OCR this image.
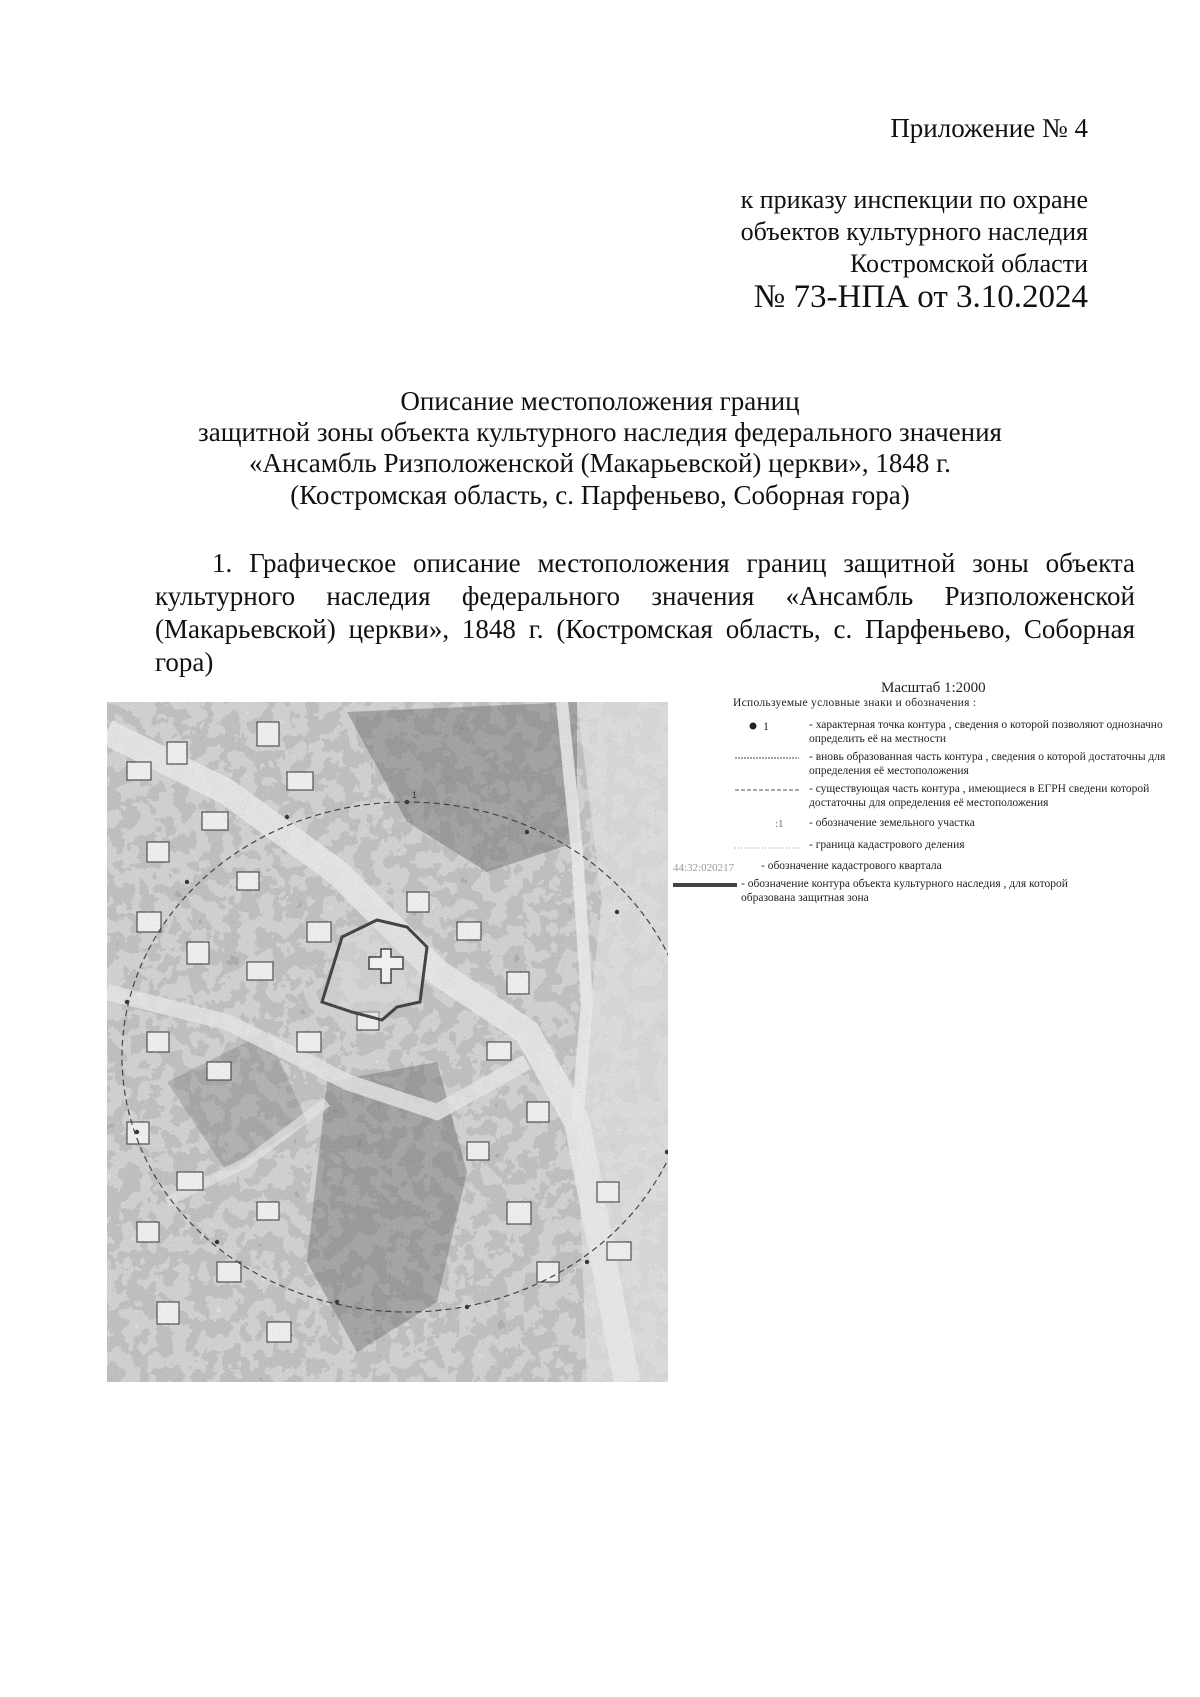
Приложение № 4
к приказу инспекции по охране
объектов культурного наследия
Костромской области
№ 73-НПА от 3.10.2024
Описание местоположения границ
защитной зоны объекта культурного наследия федерального значения
«Ансамбль Ризположенской (Макарьевской) церкви», 1848 г.
(Костромская область, с. Парфеньево, Соборная гора)
1. Графическое описание местоположения границ защитной зоны объекта культурного наследия федерального значения «Ансамбль Ризположенской (Макарьевской) церкви», 1848 г. (Костромская область, с. Парфеньево, Соборная гора)
Масштаб 1:2000
Используемые условные знаки и обозначения :
1	- характерная точка контура , сведения о которой позволяют однозначно определить её на местности
- вновь образованная часть контура , сведения о которой достаточны для определения её местоположения
- существующая часть контура , имеющиеся в ЕГРН сведени которой достаточны для определения её местоположения
:1 - обозначение земельного участка
- граница кадастрового деления
44:32:020217 - обозначение кадастрового квартала
- обозначение контура объекта культурного наследия , для которой образована защитная зона
